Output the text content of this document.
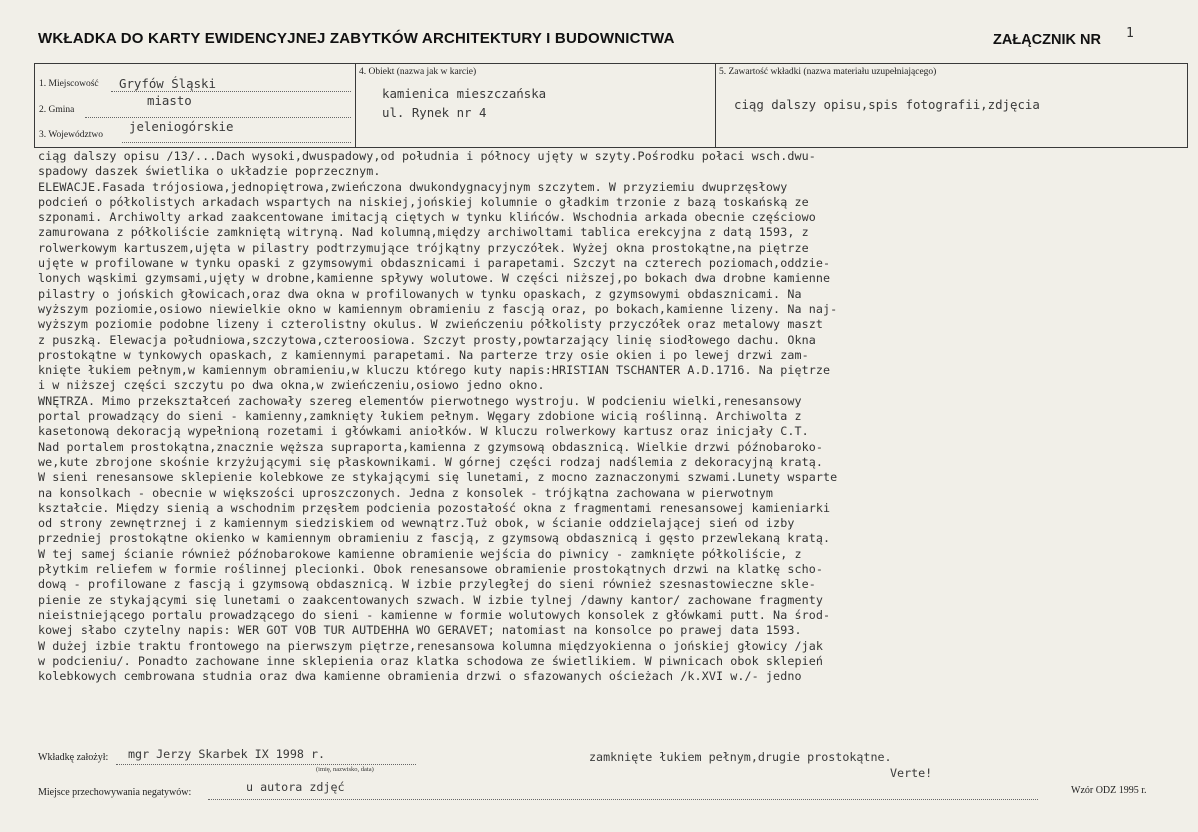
WKŁADKA DO KARTY EWIDENCYJNEJ ZABYTKÓW ARCHITEKTURY I BUDOWNICTWA	ZAŁĄCZNIK NR 1
1. Miejscowość Gryfów Śląski
2. Gmina
miasto
3. Województwo
jeleniogórskie
4. Obiekt (nazwa jak w karcie)
kamienica mieszczańska
ul. Rynek nr 4
5. Zawartość wkładki (nazwa materiału uzupełniającego)
ciąg dalszy opisu,spis fotografii,zdjęcia
ciąg dalszy opisu /13/...Dach wysoki,dwuspadowy,od południa i północy ujęty w szyty.Pośrodku połaci wsch.dwu-
spadowy daszek świetlika o układzie poprzecznym.
ELEWACJE.Fasada trójosiowa,jednopiętrowa,zwieńczona dwukondygnacyjnym szczytem. W przyziemiu dwuprzęsłowy
podcień o półkolistych arkadach wspartych na niskiej,jońskiej kolumnie o gładkim trzonie z bazą toskańską ze
szponami. Archiwolty arkad zaakcentowane imitacją ciętych w tynku klińców. Wschodnia arkada obecnie częściowo
zamurowana z półkoliście zamkniętą witryną. Nad kolumną,między archiwoltami tablica erekcyjna z datą 1593, z
rolwerkowym kartuszem,ujęta w pilastry podtrzymujące trójkątny przyczółek. Wyżej okna prostokątne,na piętrze
ujęte w profilowane w tynku opaski z gzymsowymi obdasznicami i parapetami. Szczyt na czterech poziomach,oddzie-
lonych wąskimi gzymsami,ujęty w drobne,kamienne spływy wolutowe. W części niższej,po bokach dwa drobne kamienne
pilastry o jońskich głowicach,oraz dwa okna w profilowanych w tynku opaskach, z gzymsowymi obdasznicami. Na
wyższym poziomie,osiowo niewielkie okno w kamiennym obramieniu z fascją oraz, po bokach,kamienne lizeny. Na naj-
wyższym poziomie podobne lizeny i czterolistny okulus. W zwieńczeniu półkolisty przyczółek oraz metalowy maszt
z puszką. Elewacja południowa,szczytowa,czteroosiowa. Szczyt prosty,powtarzający linię siodłowego dachu. Okna
prostokątne w tynkowych opaskach, z kamiennymi parapetami. Na parterze trzy osie okien i po lewej drzwi zam-
knięte łukiem pełnym,w kamiennym obramieniu,w kluczu którego kuty napis:HRISTIAN TSCHANTER A.D.1716. Na piętrze
i w niższej części szczytu po dwa okna,w zwieńczeniu,osiowo jedno okno.
WNĘTRZA. Mimo przekształceń zachowały szereg elementów pierwotnego wystroju. W podcieniu wielki,renesansowy
portal prowadzący do sieni - kamienny,zamknięty łukiem pełnym. Węgary zdobione wicią roślinną. Archiwolta z
kasetonową dekoracją wypełnioną rozetami i główkami aniołków. W kluczu rolwerkowy kartusz oraz inicjały C.T.
Nad portalem prostokątna,znacznie węższa supraporta,kamienna z gzymsową obdasznicą. Wielkie drzwi późnobaroko-
we,kute zbrojone skośnie krzyżującymi się płaskownikami. W górnej części rodzaj nadślemia z dekoracyjną kratą.
W sieni renesansowe sklepienie kolebkowe ze stykającymi się lunetami, z mocno zaznaczonymi szwami.Lunety wsparte
na konsolkach - obecnie w większości uproszczonych. Jedna z konsolek - trójkątna zachowana w pierwotnym
kształcie. Między sienią a wschodnim przęsłem podcienia pozostałość okna z fragmentami renesansowej kamieniarki
od strony zewnętrznej i z kamiennym siedziskiem od wewnątrz.Tuż obok, w ścianie oddzielającej sień od izby
przedniej prostokątne okienko w kamiennym obramieniu z fascją, z gzymsową obdasznicą i gęsto przewlekaną kratą.
W tej samej ścianie również późnobarokowe kamienne obramienie wejścia do piwnicy - zamknięte półkoliście, z
płytkim reliefem w formie roślinnej plecionki. Obok renesansowe obramienie prostokątnych drzwi na klatkę scho-
dową - profilowane z fascją i gzymsową obdasznicą. W izbie przyległej do sieni również szesnastowieczne skle-
pienie ze stykającymi się lunetami o zaakcentowanych szwach. W izbie tylnej /dawny kantor/ zachowane fragmenty
nieistniejącego portalu prowadzącego do sieni - kamienne w formie wolutowych konsolek z główkami putt. Na środ-
kowej słabo czytelny napis: WER GOT VOB TUR AUTDEHHA WO GERAVET; natomiast na konsolce po prawej data 1593.
W dużej izbie traktu frontowego na pierwszym piętrze,renesansowa kolumna międzyokienna o jońskiej głowicy /jak
w podcieniu/. Ponadto zachowane inne sklepienia oraz klatka schodowa ze świetlikiem. W piwnicach obok sklepień
kolebkowych cembrowana studnia oraz dwa kamienne obramienia drzwi o sfazowanych ościeżach /k.XVI w./- jedno
Wkładkę założył: mgr Jerzy Skarbek IX 1998 r.
(imię, nazwisko, data)
zamknięte łukiem pełnym,drugie prostokątne.
Verte!
Miejsce przechowywania negatywów:	u autora zdjęć	Wzór ODZ 1995 r.
